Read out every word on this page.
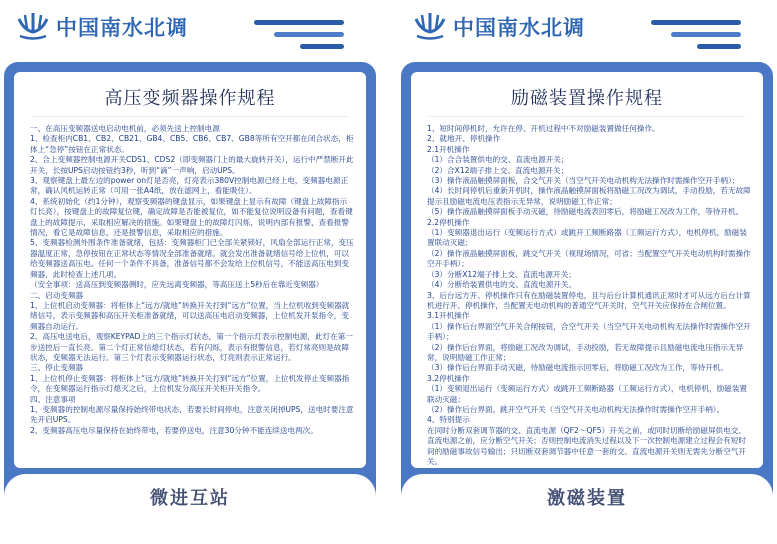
中国南水北调
高压变频器操作规程

一、在高压变频器送电启动电机前，必须先送上控制电源

1、检查柜内CB1、CB2、CB21、GB4、CB5、CB6、CB7、GB8等所有空开都在闭合状态，柜体上“急停”按钮在正常状态。

2、合上变频器控制电源开关CDS1、CDS2（即变频器门上的最大旋转开关），运行中严禁断开此开关，长按UPS启动按钮约3秒，听到“滴”一声响，启动UPS。

3、观察键盘上最左边的power on灯是否亮，灯亮表示380V控制电源已经上电，变频器电源正常，确认风机运转正常（可用一张A4纸，放在滤网上，看能吸住）。

4、系统初始化（约1分钟），观察变频器的键盘显示，如果键盘上显示有故障（键盘上故障指示灯长亮），按键盘上的故障复位键，确定故障是否能被复位，如不能复位说明设备有问题，查看键盘上的故障提示，采取相应解决的措施。如果键盘上的故障灯闪烁，说明内部有报警，查看报警情况，看它是故障信息，还是报警信息，采取相应的措施。

5、变频器检测外围条件准备就绪，包括：变频器柜门已全部关紧锁好，风扇全部运行正常，变压器温度正常，急停按钮在正常状态等情况全部准备就绪。就会发出准备就绪信号给上位机，可以给变频器送高压电。任何一个条件不具备，准备信号都不会发给上位机信号，不能送高压电到变频器，此时检查上述几项。

（安全事项：送高压到变频器侧时，应先远离变频器，等高压送上5秒后在靠近变频器）

二、启动变频器

1、上位机启动变频器：将柜体上“远方/就地”转换开关打到“远方”位置，当上位机收到变频器就绪信号，表示变频器和高压开关柜准备就绪，可以送高压电启动变频器，上位机发开泵指令，变频器自动运行。

2、高压电送电后，观察KEYPAD上的三个指示灯状态，第一个指示灯表示控制电源，此灯在第一步送控后一直长亮。第二个灯正常信熄灯状态，若有闪烁，表示有报警信息，若灯常亮则是故障状态，变频器无法运行。第三个灯表示变频器运行状态，灯亮则表示正常运行。

三、停止变频器

1、上位机停止变频器：将柜体上“远方/就地”转换开关打到“远方”位置，上位机发停止变频器指令，在变频器运行指示灯熄灭之后，上位机发分高压开关柜开关指令。

四、注意事项

1、变频器的控制电源尽量保持始终带电状态，若要长时间停电，注意关闭掉UPS，送电时要注意先开启UPS。

2、变频器高压电尽量保持在始终带电，若要停送电，注意30分钟不能连续送电两次。

微进互站
中国南水北调
励磁装置操作规程

1、短时间停机时，允许在停、开机过程中不对励磁装置做任何操作。

2、就地开、停机操作

2.1开机操作

（1）合合装置供电的交、直流电源开关；

（2）合X12端子排上交、直流电源开关；

（3）操作液晶触摸屏面板，合交气开关（当空气开关电动机构无法操作时需操作空开手柄）；

（4）长时间停机后重新开机时，操作液晶触摸屏面板将励磁工况改为调试，手动投励，若无故障提示且励磁电流电压表指示无异常，说明励磁工作正常；

（5）操作液晶触摸屏面板手动灭磁，待励磁电流表回零后，将励磁工况改为工作，等待开机。

2.2停机操作

（1）变频器退出运行（变频运行方式）或跳开工频断路器（工频运行方式），电机停机，励磁装置联动灭磁；

（2）操作液晶触摸屏面板，跳交气开关（视现场情况，可省；当配置空气开关电动机构时需操作空开手柄）；

（3）分断X12端子排上交、直流电源开关；

（4）分断给装置供电的交、直流电源开关。

3、后台远方开、停机操作只有在励磁装置停电，且与后台计算机通讯正常时才可从远方后台计算机进行开、停机操作，当配置无电动机构的普通空气开关时，空气开关应保持在合闸位置。

3.1开机操作

（1）操作后台界面空气开关合闸按钮，合空气开关（当空气开关电动机构无法操作时需操作空开手柄）；

（2）操作后台界面，将励磁工况改为调试，手动投励，若无故障提示且励磁电流电压指示无异常，说明励磁工作正常；

（3）操作后台界面手动灭磁，待励磁电流指示回零后，将励磁工况改为工作，等待开机。

3.2停机操作

（1）变频退出运行（变频运行方式）或跳开工频断路器（工频运行方式），电机停机，励磁装置联动灭磁；

（2）操作后台界面，跳开空气开关（当空气开关电动机构无法操作时需操作空开手柄）。

4、特别提示

在同时分断双套调节器的交、直流电源（QF2～QF5）开关之前，或同时切断给励磁屏供电交、直流电源之前，应分断空气开关；否则控制电流消失过程以及下一次控制电源建立过程会有短时间的励磁事故信号输出；只切断双套调节器中任意一套的交、直流电源开关则无需先分断空气开关。

激磁装置
